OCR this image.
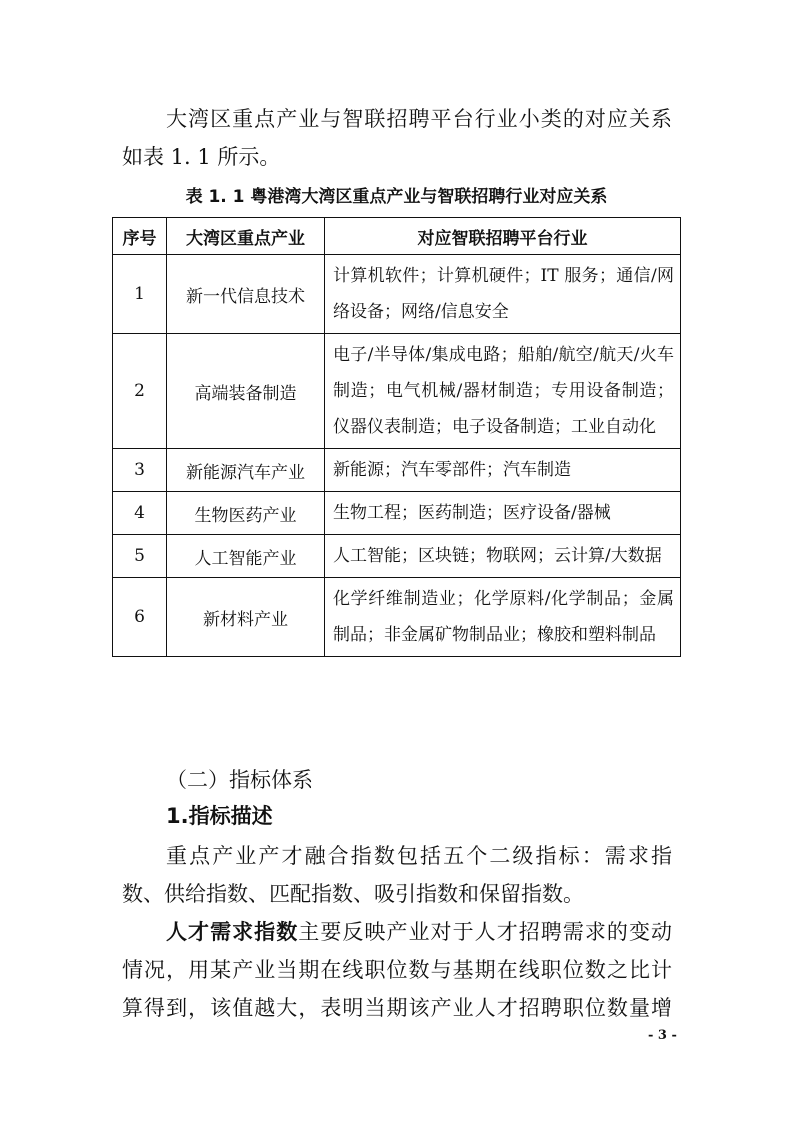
大湾区重点产业与智联招聘平台行业小类的对应关系
如表 1. 1 所示。
表 1. 1 粤港湾大湾区重点产业与智联招聘行业对应关系
序号	大湾区重点产业	对应智联招聘平台行业
1	新一代信息技术	计算机软件；计算机硬件；IT 服务；通信/网络设备；网络/信息安全
2	高端装备制造	电子/半导体/集成电路；船舶/航空/航天/火车制造；电气机械/器材制造；专用设备制造；仪器仪表制造；电子设备制造；工业自动化
3	新能源汽车产业	新能源；汽车零部件；汽车制造
4	生物医药产业	生物工程；医药制造；医疗设备/器械
5	人工智能产业	人工智能；区块链；物联网；云计算/大数据
6	新材料产业	化学纤维制造业；化学原料/化学制品；金属制品；非金属矿物制品业；橡胶和塑料制品
（二）指标体系
1.指标描述
重点产业产才融合指数包括五个二级指标：需求指
数、供给指数、匹配指数、吸引指数和保留指数。
人才需求指数主要反映产业对于人才招聘需求的变动
情况，用某产业当期在线职位数与基期在线职位数之比计
算得到，该值越大，表明当期该产业人才招聘职位数量增
- 3 -
